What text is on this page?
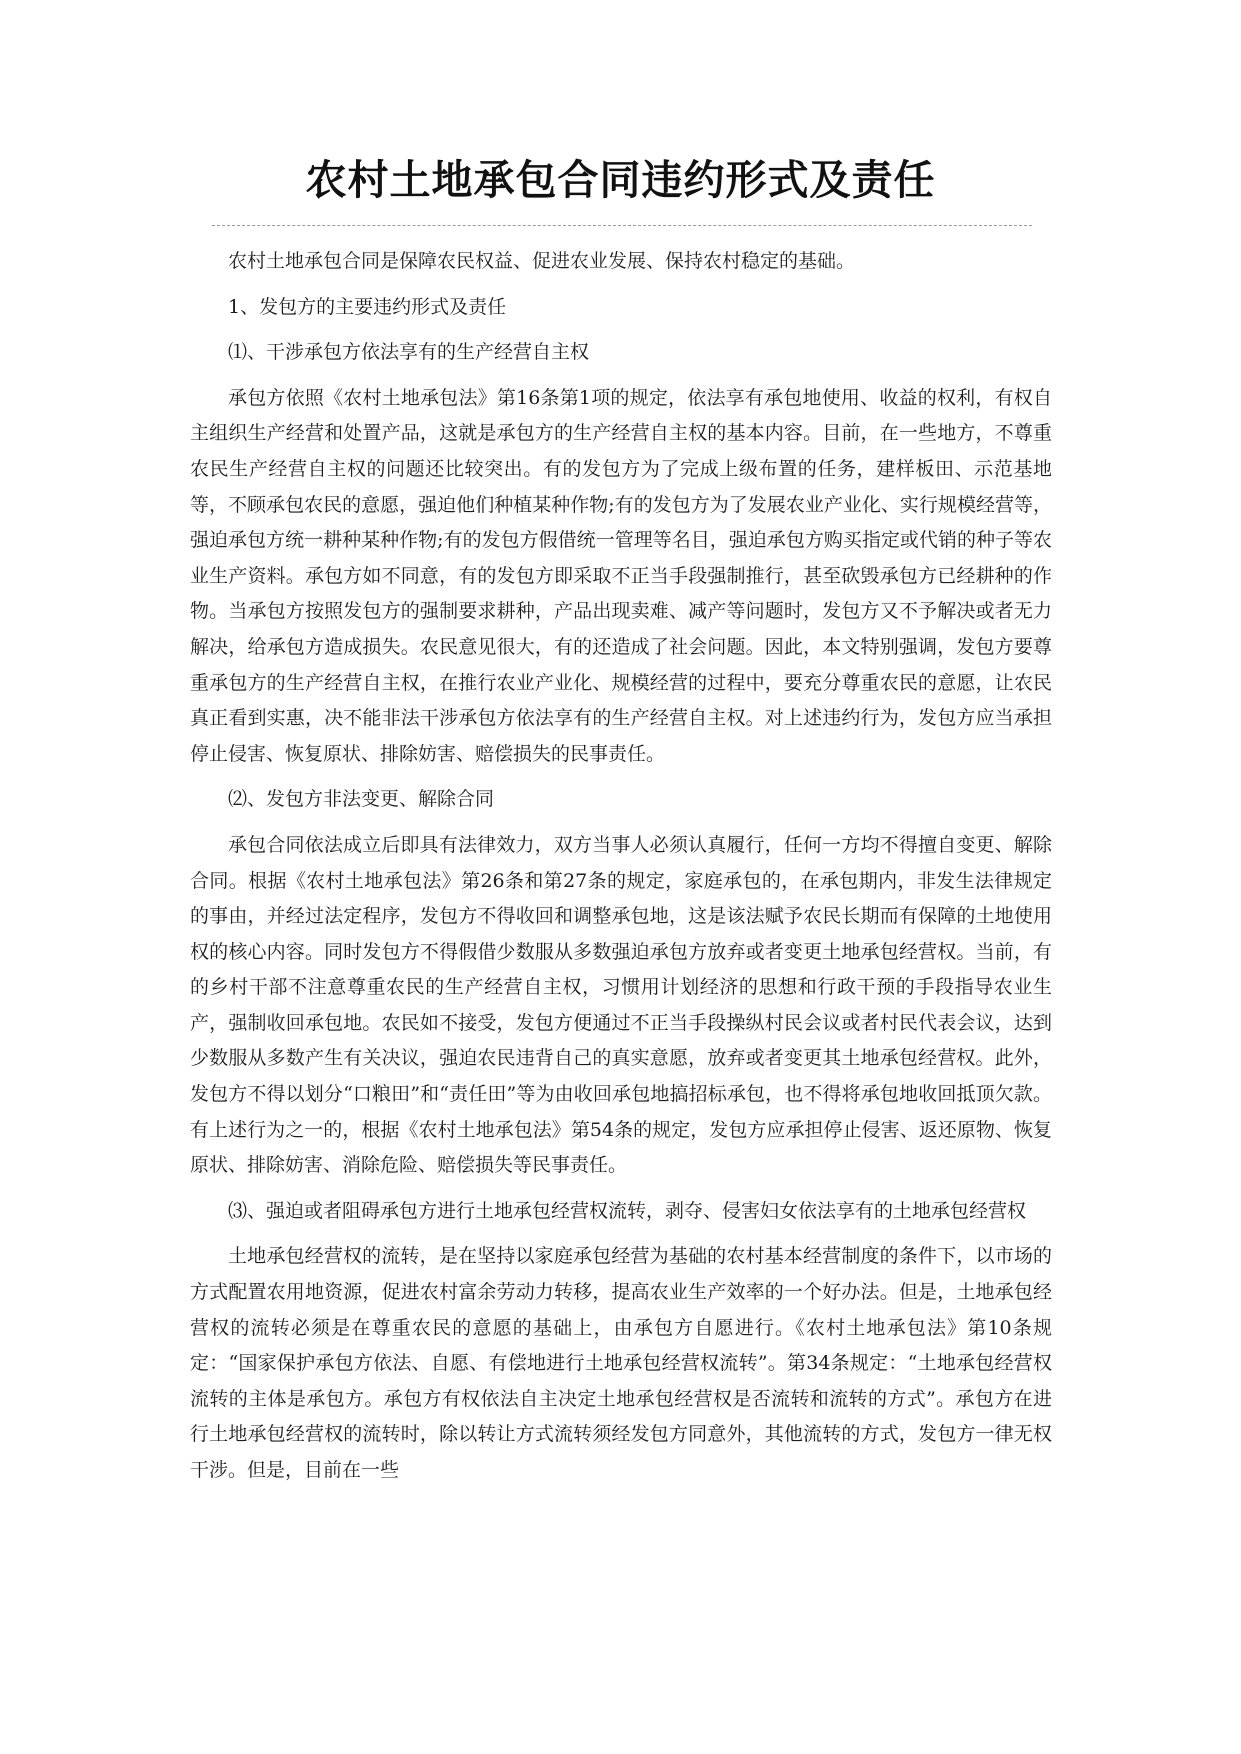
农村土地承包合同违约形式及责任

农村土地承包合同是保障农民权益、促进农业发展、保持农村稳定的基础。

1、发包方的主要违约形式及责任

⑴、干涉承包方依法享有的生产经营自主权

承包方依照《农村土地承包法》第16条第1项的规定，依法享有承包地使用、收益的权利，有权自主组织生产经营和处置产品，这就是承包方的生产经营自主权的基本内容。目前，在一些地方，不尊重农民生产经营自主权的问题还比较突出。有的发包方为了完成上级布置的任务，建样板田、示范基地等，不顾承包农民的意愿，强迫他们种植某种作物;有的发包方为了发展农业产业化、实行规模经营等，强迫承包方统一耕种某种作物;有的发包方假借统一管理等名目，强迫承包方购买指定或代销的种子等农业生产资料。承包方如不同意，有的发包方即采取不正当手段强制推行，甚至砍毁承包方已经耕种的作物。当承包方按照发包方的强制要求耕种，产品出现卖难、减产等问题时，发包方又不予解决或者无力解决，给承包方造成损失。农民意见很大，有的还造成了社会问题。因此，本文特别强调，发包方要尊重承包方的生产经营自主权，在推行农业产业化、规模经营的过程中，要充分尊重农民的意愿，让农民真正看到实惠，决不能非法干涉承包方依法享有的生产经营自主权。对上述违约行为，发包方应当承担停止侵害、恢复原状、排除妨害、赔偿损失的民事责任。

⑵、发包方非法变更、解除合同

承包合同依法成立后即具有法律效力，双方当事人必须认真履行，任何一方均不得擅自变更、解除合同。根据《农村土地承包法》第26条和第27条的规定，家庭承包的，在承包期内，非发生法律规定的事由，并经过法定程序，发包方不得收回和调整承包地，这是该法赋予农民长期而有保障的土地使用权的核心内容。同时发包方不得假借少数服从多数强迫承包方放弃或者变更土地承包经营权。当前，有的乡村干部不注意尊重农民的生产经营自主权，习惯用计划经济的思想和行政干预的手段指导农业生产，强制收回承包地。农民如不接受，发包方便通过不正当手段操纵村民会议或者村民代表会议，达到少数服从多数产生有关决议，强迫农民违背自己的真实意愿，放弃或者变更其土地承包经营权。此外，发包方不得以划分“口粮田”和“责任田”等为由收回承包地搞招标承包，也不得将承包地收回抵顶欠款。有上述行为之一的，根据《农村土地承包法》第54条的规定，发包方应承担停止侵害、返还原物、恢复原状、排除妨害、消除危险、赔偿损失等民事责任。

⑶、强迫或者阻碍承包方进行土地承包经营权流转，剥夺、侵害妇女依法享有的土地承包经营权

土地承包经营权的流转，是在坚持以家庭承包经营为基础的农村基本经营制度的条件下，以市场的方式配置农用地资源，促进农村富余劳动力转移，提高农业生产效率的一个好办法。但是，土地承包经营权的流转必须是在尊重农民的意愿的基础上，由承包方自愿进行。《农村土地承包法》第10条规定：“国家保护承包方依法、自愿、有偿地进行土地承包经营权流转”。第34条规定：“土地承包经营权流转的主体是承包方。承包方有权依法自主决定土地承包经营权是否流转和流转的方式”。承包方在进行土地承包经营权的流转时，除以转让方式流转须经发包方同意外，其他流转的方式，发包方一律无权干涉。但是，目前在一些
